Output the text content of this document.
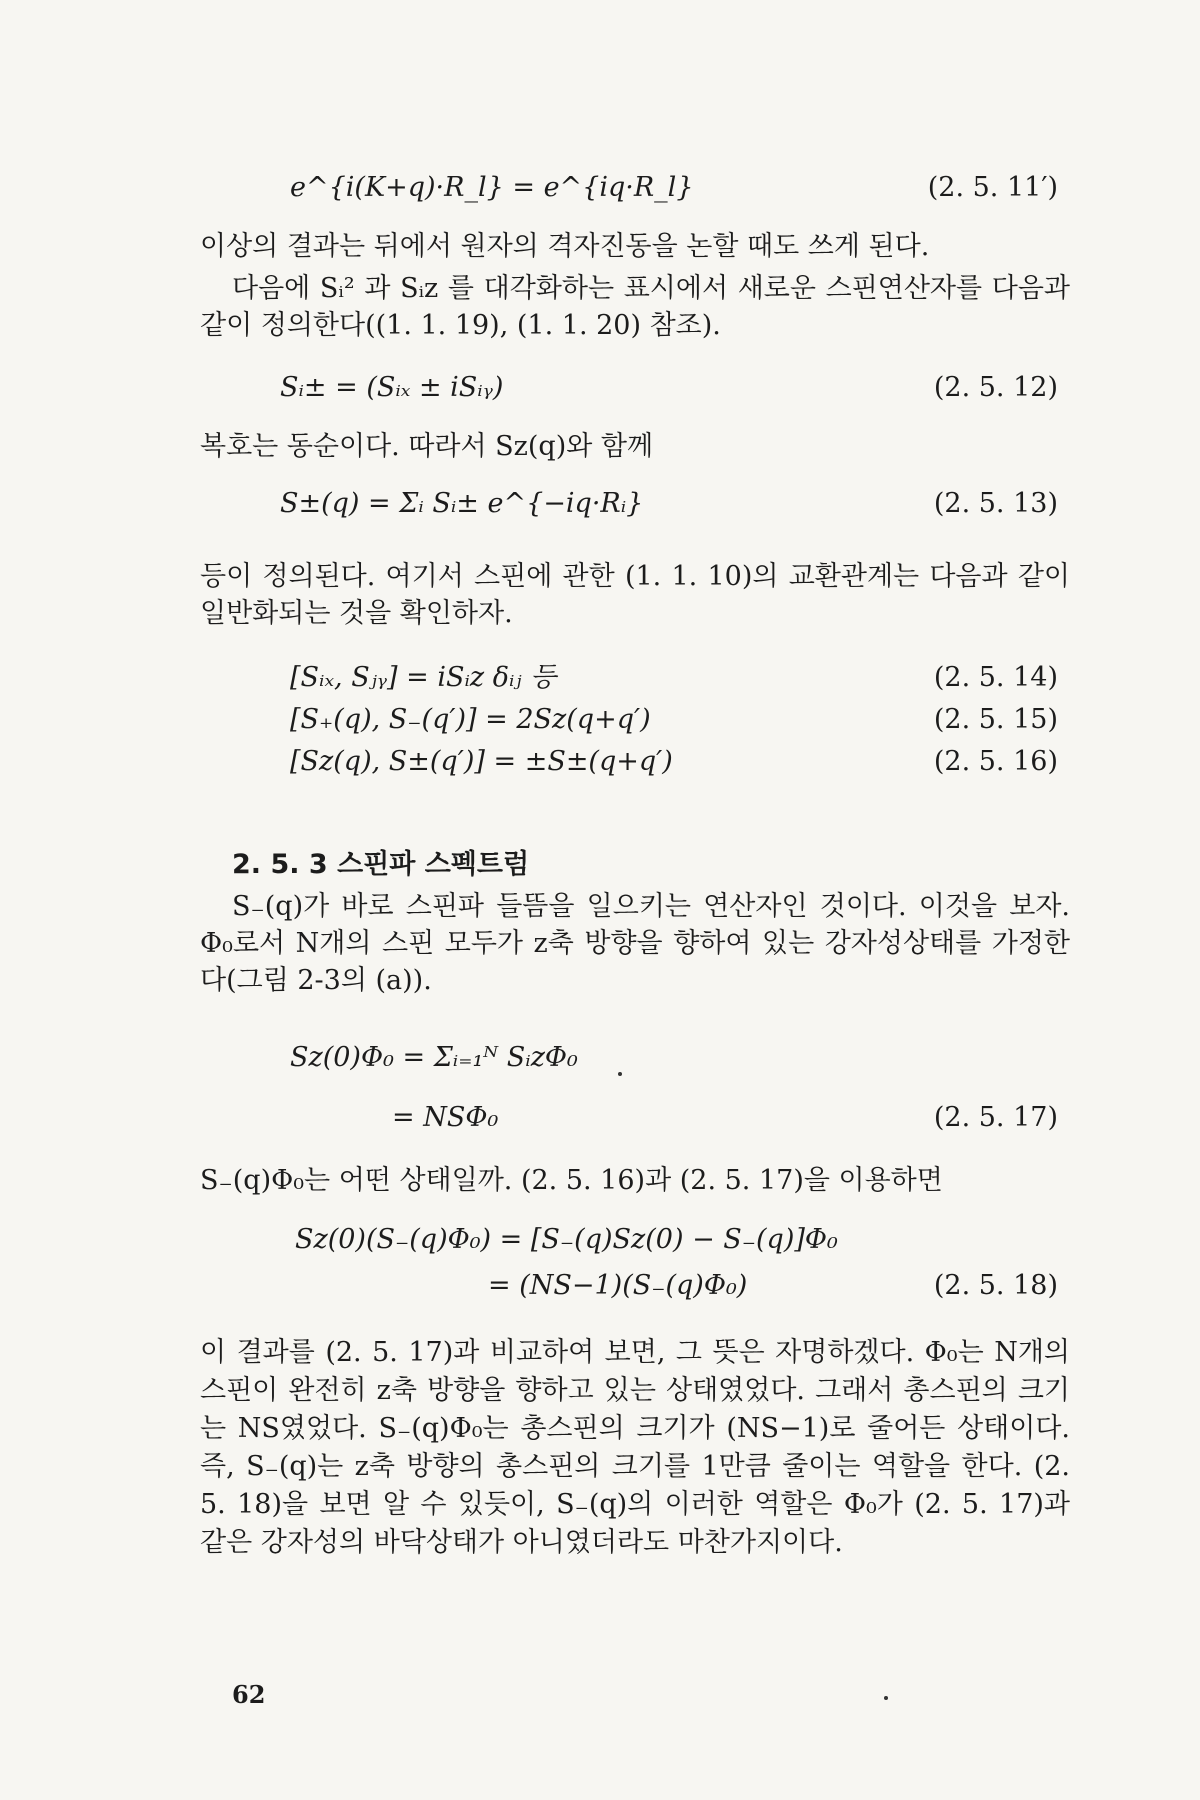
e^{i(K+q)·R_l} = e^{iq·R_l}	(2. 5. 11′)
이상의 결과는 뒤에서 원자의 격자진동을 논할 때도 쓰게 된다.
다음에 Sᵢ² 과 Sᵢz 를 대각화하는 표시에서 새로운 스핀연산자를 다음과 같이 정의한다((1. 1. 19), (1. 1. 20) 참조).
Sᵢ± = (Sᵢₓ ± iSᵢᵧ)	(2. 5. 12)
복호는 동순이다. 따라서 Sz(q)와 함께
S±(q) = Σᵢ Sᵢ± e^{−iq·Rᵢ}	(2. 5. 13)
등이 정의된다. 여기서 스핀에 관한 (1. 1. 10)의 교환관계는 다음과 같이 일반화되는 것을 확인하자.
[Sᵢₓ, Sⱼᵧ] = iSᵢz δᵢⱼ 등	(2. 5. 14)
[S₊(q), S₋(q′)] = 2Sz(q+q′)	(2. 5. 15)
[Sz(q), S±(q′)] = ±S±(q+q′)	(2. 5. 16)
2. 5. 3 스핀파 스펙트럼
S₋(q)가 바로 스핀파 들뜸을 일으키는 연산자인 것이다. 이것을 보자. Φ₀로서 N개의 스핀 모두가 z축 방향을 향하여 있는 강자성상태를 가정한다(그림 2-3의 (a)).
Sz(0)Φ₀ = Σᵢ₌₁ᴺ SᵢzΦ₀
= NSΦ₀	(2. 5. 17)
S₋(q)Φ₀는 어떤 상태일까. (2. 5. 16)과 (2. 5. 17)을 이용하면
Sz(0)(S₋(q)Φ₀) = [S₋(q)Sz(0) − S₋(q)]Φ₀
= (NS−1)(S₋(q)Φ₀)	(2. 5. 18)
이 결과를 (2. 5. 17)과 비교하여 보면, 그 뜻은 자명하겠다. Φ₀는 N개의 스핀이 완전히 z축 방향을 향하고 있는 상태였었다. 그래서 총스핀의 크기는 NS였었다. S₋(q)Φ₀는 총스핀의 크기가 (NS−1)로 줄어든 상태이다. 즉, S₋(q)는 z축 방향의 총스핀의 크기를 1만큼 줄이는 역할을 한다. (2. 5. 18)을 보면 알 수 있듯이, S₋(q)의 이러한 역할은 Φ₀가 (2. 5. 17)과 같은 강자성의 바닥상태가 아니였더라도 마찬가지이다.
62
